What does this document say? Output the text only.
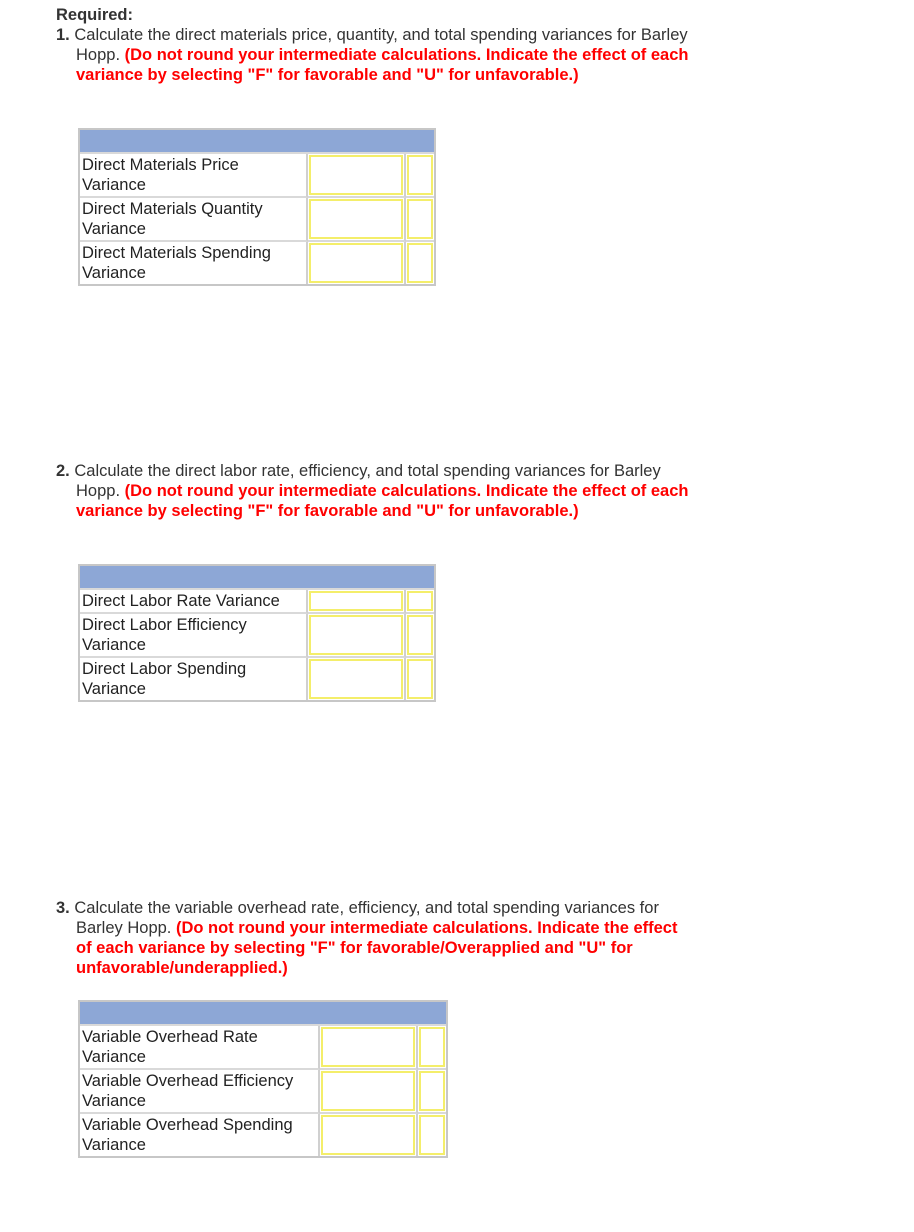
Required:
1. Calculate the direct materials price, quantity, and total spending variances for Barley Hopp. (Do not round your intermediate calculations. Indicate the effect of each variance by selecting "F" for favorable and "U" for unfavorable.)

Direct Materials Price Variance	

Direct Materials Quantity Variance	

Direct Materials Spending Variance	

2. Calculate the direct labor rate, efficiency, and total spending variances for Barley Hopp. (Do not round your intermediate calculations. Indicate the effect of each variance by selecting "F" for favorable and "U" for unfavorable.)

Direct Labor Rate Variance	

Direct Labor Efficiency Variance	

Direct Labor Spending Variance	

3. Calculate the variable overhead rate, efficiency, and total spending variances for Barley Hopp. (Do not round your intermediate calculations. Indicate the effect of each variance by selecting "F" for favorable/Overapplied and "U" for unfavorable/underapplied.)

Variable Overhead Rate Variance	

Variable Overhead Efficiency Variance	

Variable Overhead Spending Variance	
